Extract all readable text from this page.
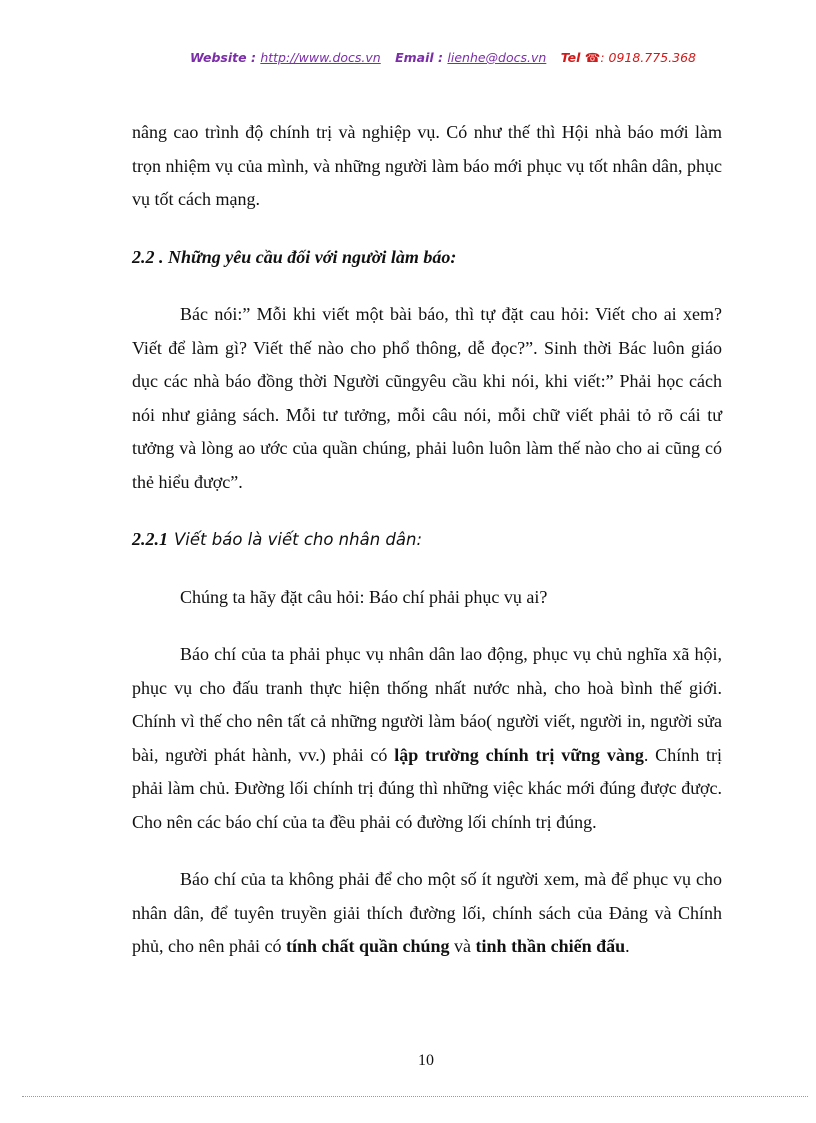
Website : http://www.docs.vn Email : lienhe@docs.vn Tel ☎: 0918.775.368

nâng cao trình độ chính trị và nghiệp vụ. Có như thế thì Hội nhà báo mới làm trọn nhiệm vụ của mình, và những người làm báo mới phục vụ tốt nhân dân, phục vụ tốt cách mạng.

2.2 . Những yêu cầu đối với người làm báo:

Bác nói:” Mỗi khi viết một bài báo, thì tự đặt cau hỏi: Viết cho ai xem? Viết để làm gì? Viết thế nào cho phổ thông, dễ đọc?”. Sinh thời Bác luôn giáo dục các nhà báo đồng thời Người cũngyêu cầu khi nói, khi viết:” Phải học cách nói như giảng sách. Mỗi tư tưởng, mỗi câu nói, mỗi chữ viết phải tỏ rõ cái tư tưởng và lòng ao ước của quần chúng, phải luôn luôn làm thế nào cho ai cũng có thẻ hiểu được”.

2.2.1 Viết báo là viết cho nhân dân:

Chúng ta hãy đặt câu hỏi: Báo chí phải phục vụ ai?

Báo chí của ta phải phục vụ nhân dân lao động, phục vụ chủ nghĩa xã hội, phục vụ cho đấu tranh thực hiện thống nhất nước nhà, cho hoà bình thế giới. Chính vì thế cho nên tất cả những người làm báo( người viết, người in, người sửa bài, người phát hành, vv.) phải có lập trường chính trị vững vàng. Chính trị phải làm chủ. Đường lối chính trị đúng thì những việc khác mới đúng được được. Cho nên các báo chí của ta đều phải có đường lối chính trị đúng.

Báo chí của ta không phải để cho một số ít người xem, mà để phục vụ cho nhân dân, để tuyên truyền giải thích đường lối, chính sách của Đảng và Chính phủ, cho nên phải có tính chất quần chúng và tinh thần chiến đấu.

10
